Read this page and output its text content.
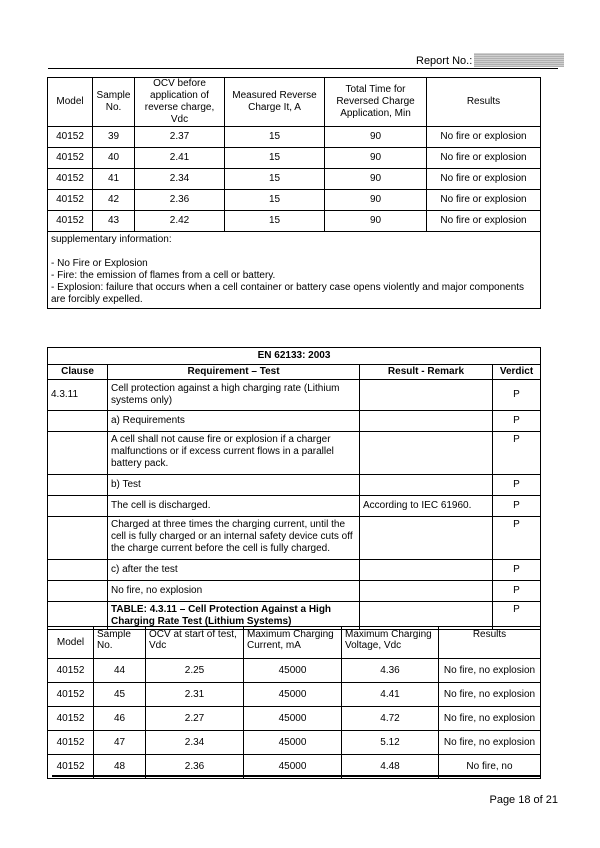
Report No.:
Model	Sample No.	OCV before application of reverse charge, Vdc	Measured Reverse Charge It, A	Total Time for Reversed Charge Application, Min	Results
40152	39	2.37	15	90	No fire or explosion
40152	40	2.41	15	90	No fire or explosion
40152	41	2.34	15	90	No fire or explosion
40152	42	2.36	15	90	No fire or explosion
40152	43	2.42	15	90	No fire or explosion

supplementary information:
- No Fire or Explosion
- Fire: the emission of flames from a cell or battery.
- Explosion: failure that occurs when a cell container or battery case opens violently and major components are forcibly expelled.					
EN 62133: 2003			
Clause	Requirement – Test	Result - Remark	Verdict
4.3.11	Cell protection against a high charging rate (Lithium systems only)		P
	a) Requirements		P
	A cell shall not cause fire or explosion if a charger malfunctions or if excess current flows in a parallel battery pack.		P
	b) Test		P
	The cell is discharged.	According to IEC 61960.	P
	Charged at three times the charging current, until the cell is fully charged or an internal safety device cuts off the charge current before the cell is fully charged.		P
	c) after the test		P
	No fire, no explosion		P
	TABLE: 4.3.11 – Cell Protection Against a High Charging Rate Test (Lithium Systems)		P
Model	Sample No.	OCV at start of test, Vdc	Maximum Charging Current, mA	Maximum Charging Voltage, Vdc	Results
40152	44	2.25	45000	4.36	No fire, no explosion
40152	45	2.31	45000	4.41	No fire, no explosion
40152	46	2.27	45000	4.72	No fire, no explosion
40152	47	2.34	45000	5.12	No fire, no explosion
40152	48	2.36	45000	4.48	No fire, no
Page 18 of 21
